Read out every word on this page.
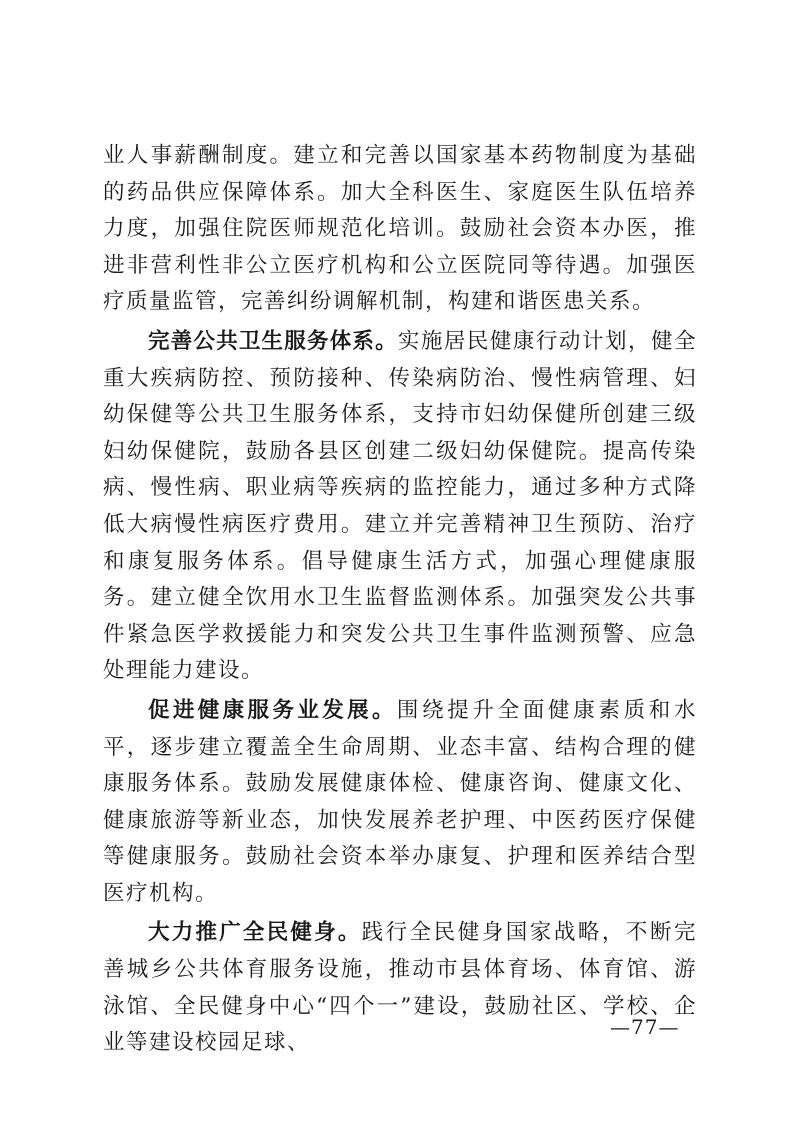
业人事薪酬制度。建立和完善以国家基本药物制度为基础的药品供应保障体系。加大全科医生、家庭医生队伍培养力度，加强住院医师规范化培训。鼓励社会资本办医，推进非营利性非公立医疗机构和公立医院同等待遇。加强医疗质量监管，完善纠纷调解机制，构建和谐医患关系。

完善公共卫生服务体系。实施居民健康行动计划，健全重大疾病防控、预防接种、传染病防治、慢性病管理、妇幼保健等公共卫生服务体系，支持市妇幼保健所创建三级妇幼保健院，鼓励各县区创建二级妇幼保健院。提高传染病、慢性病、职业病等疾病的监控能力，通过多种方式降低大病慢性病医疗费用。建立并完善精神卫生预防、治疗和康复服务体系。倡导健康生活方式，加强心理健康服务。建立健全饮用水卫生监督监测体系。加强突发公共事件紧急医学救援能力和突发公共卫生事件监测预警、应急处理能力建设。

促进健康服务业发展。围绕提升全面健康素质和水平，逐步建立覆盖全生命周期、业态丰富、结构合理的健康服务体系。鼓励发展健康体检、健康咨询、健康文化、健康旅游等新业态，加快发展养老护理、中医药医疗保健等健康服务。鼓励社会资本举办康复、护理和医养结合型医疗机构。

大力推广全民健身。践行全民健身国家战略，不断完善城乡公共体育服务设施，推动市县体育场、体育馆、游泳馆、全民健身中心“四个一”建设，鼓励社区、学校、企业等建设校园足球、

—77—
